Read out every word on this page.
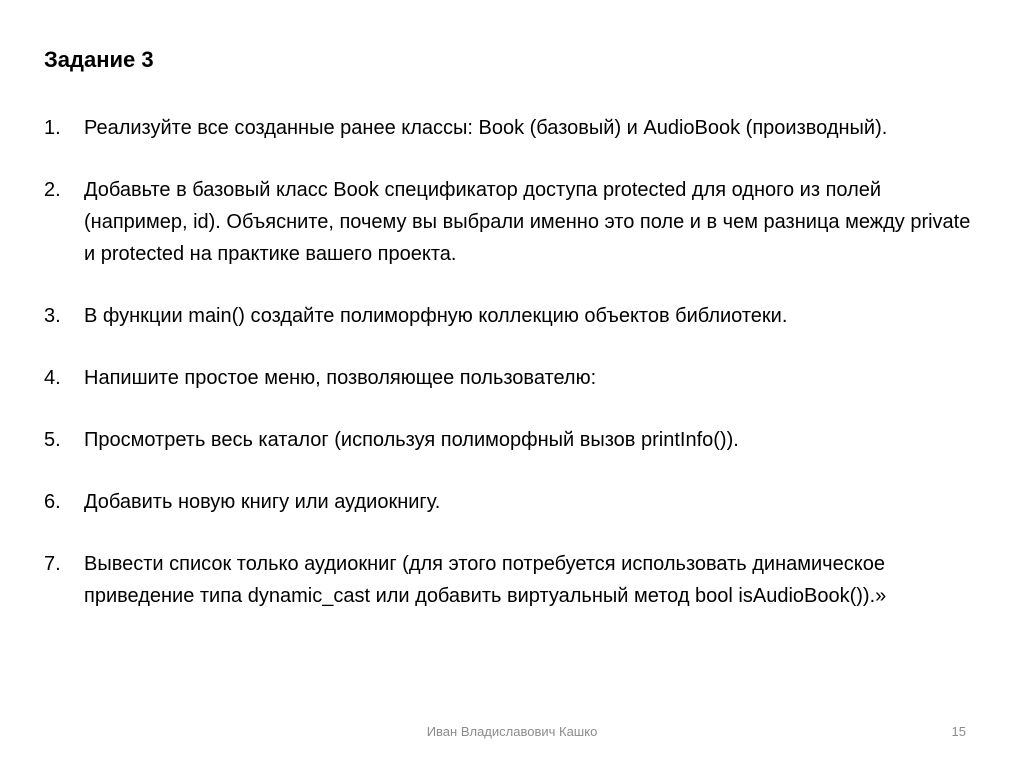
Задание 3
1.	Реализуйте все созданные ранее классы: Book (базовый) и AudioBook (производный).
2.	Добавьте в базовый класс Book спецификатор доступа protected для одного из полей (например, id). Объясните, почему вы выбрали именно это поле и в чем разница между private и protected на практике вашего проекта.
3.	В функции main() создайте полиморфную коллекцию объектов библиотеки.
4.	Напишите простое меню, позволяющее пользователю:
5.	Просмотреть весь каталог (используя полиморфный вызов printInfo()).
6.	Добавить новую книгу или аудиокнигу.
7.	Вывести список только аудиокниг (для этого потребуется использовать динамическое приведение типа dynamic_cast или добавить виртуальный метод bool isAudioBook()).»
Иван Владиславович Кашко	15
